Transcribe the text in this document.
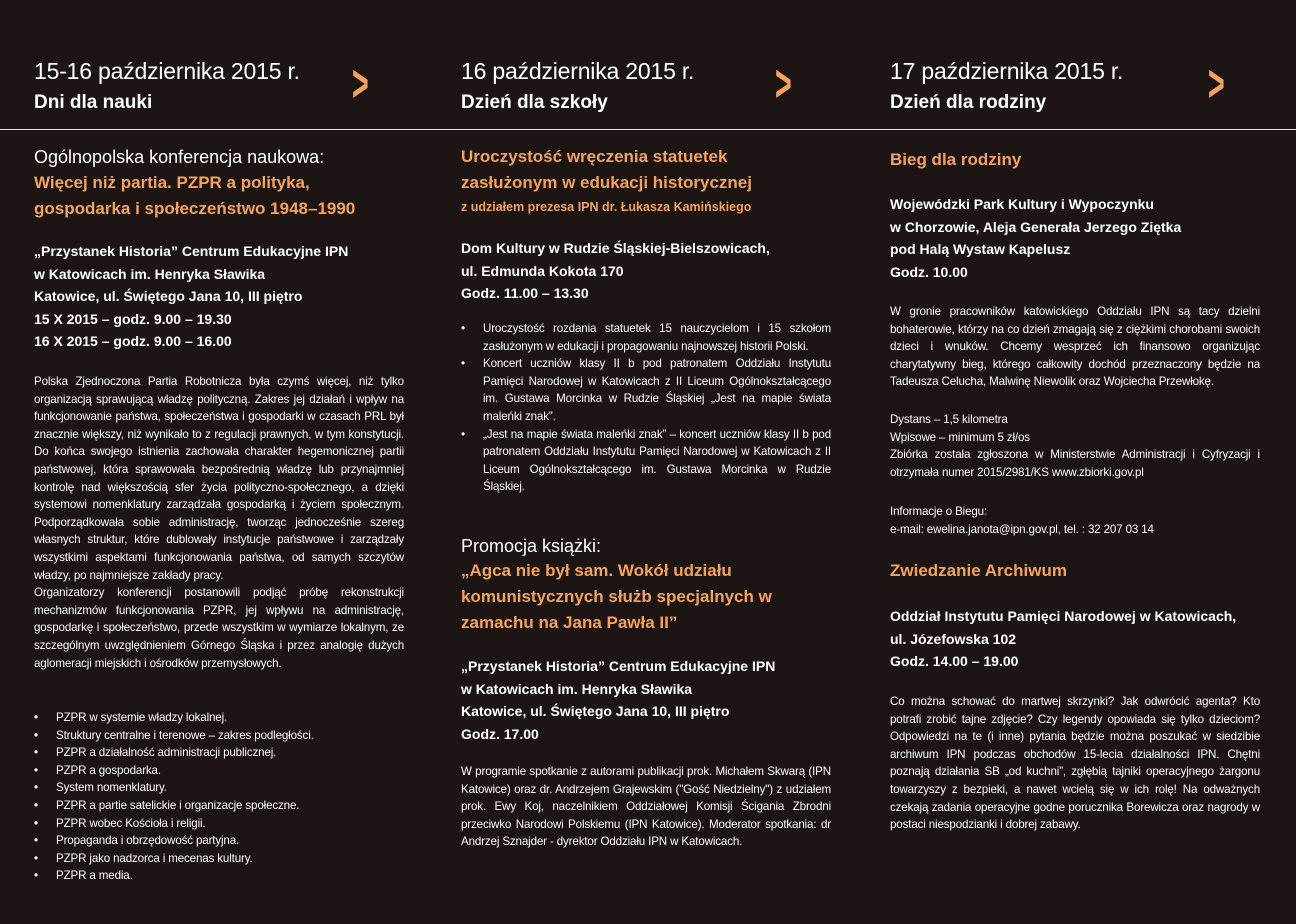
15-16 października 2015 r.
Dni dla nauki	>
Ogólnopolska konferencja naukowa:
Więcej niż partia. PZPR a polityka, gospodarka i społeczeństwo 1948–1990
„Przystanek Historia” Centrum Edukacyjne IPN
w Katowicach im. Henryka Sławika
Katowice, ul. Świętego Jana 10, III piętro
15 X 2015 – godz. 9.00 – 19.30
16 X 2015 – godz. 9.00 – 16.00
Polska Zjednoczona Partia Robotnicza była czymś więcej, niż tylko organizacją sprawującą władzę polityczną. Zakres jej działań i wpływ na funkcjonowanie państwa, społeczeństwa i gospodarki w czasach PRL był znacznie większy, niż wynikało to z regulacji prawnych, w tym konstytucji. Do końca swojego istnienia zachowała charakter hegemonicznej partii państwowej, która sprawowała bezpośrednią władzę lub przynajmniej kontrolę nad większością sfer życia polityczno-społecznego, a dzięki systemowi nomenklatury zarządzała gospodarką i życiem społecznym. Podporządkowała sobie administrację, tworząc jednocześnie szereg własnych struktur, które dublowały instytucje państwowe i zarządzały wszystkimi aspektami funkcjonowania państwa, od samych szczytów władzy, po najmniejsze zakłady pracy.
Organizatorzy konferencji postanowili podjąć próbę rekonstrukcji mechanizmów funkcjonowania PZPR, jej wpływu na administrację, gospodarkę i społeczeństwo, przede wszystkim w wymiarze lokalnym, ze szczególnym uwzględnieniem Górnego Śląska i przez analogię dużych aglomeracji miejskich i ośrodków przemysłowych.
• PZPR w systemie władzy lokalnej.
• Struktury centralne i terenowe – zakres podległości.
• PZPR a działalność administracji publicznej.
• PZPR a gospodarka.
• System nomenklatury.
• PZPR a partie satelickie i organizacje społeczne.
• PZPR wobec Kościoła i religii.
• Propaganda i obrzędowość partyjna.
• PZPR jako nadzorca i mecenas kultury.
• PZPR a media.
16 października 2015 r.
Dzień dla szkoły	>
Uroczystość wręczenia statuetek zasłużonym w edukacji historycznej
z udziałem prezesa IPN dr. Łukasza Kamińskiego
Dom Kultury w Rudzie Śląskiej-Bielszowicach,
ul. Edmunda Kokota 170
Godz. 11.00 – 13.30
• Uroczystość rozdania statuetek 15 nauczycielom i 15 szkołom zasłużonym w edukacji i propagowaniu najnowszej historii Polski.
• Koncert uczniów klasy II b pod patronatem Oddziału Instytutu Pamięci Narodowej w Katowicach z II Liceum Ogólnokształcącego im. Gustawa Morcinka w Rudzie Śląskiej „Jest na mapie świata maleńki znak”.
• „Jest na mapie świata maleńki znak” – koncert uczniów klasy II b pod patronatem Oddziału Instytutu Pamięci Narodowej w Katowicach z II Liceum Ogólnokształcącego im. Gustawa Morcinka w Rudzie Śląskiej.
Promocja książki:
„Agca nie był sam. Wokół udziału komunistycznych służb specjalnych w zamachu na Jana Pawła II”
„Przystanek Historia” Centrum Edukacyjne IPN
w Katowicach im. Henryka Sławika
Katowice, ul. Świętego Jana 10, III piętro
Godz. 17.00
W programie spotkanie z autorami publikacji prok. Michałem Skwarą (IPN Katowice) oraz dr. Andrzejem Grajewskim ("Gość Niedzielny") z udziałem prok. Ewy Koj, naczelnikiem Oddziałowej Komisji Ścigania Zbrodni przeciwko Narodowi Polskiemu (IPN Katowice). Moderator spotkania: dr Andrzej Sznajder - dyrektor Oddziału IPN w Katowicach.
17 października 2015 r.
Dzień dla rodziny	>
Bieg dla rodziny
Wojewódzki Park Kultury i Wypoczynku
w Chorzowie, Aleja Generała Jerzego Ziętka
pod Halą Wystaw Kapelusz
Godz. 10.00
W gronie pracowników katowickiego Oddziału IPN są tacy dzielni bohaterowie, którzy na co dzień zmagają się z ciężkimi chorobami swoich dzieci i wnuków. Chcemy wesprzeć ich finansowo organizując charytatywny bieg, którego całkowity dochód przeznaczony będzie na Tadeusza Celucha, Malwinę Niewolik oraz Wojciecha Przewłokę.
Dystans – 1,5 kilometra
Wpisowe – minimum 5 zł/os
Zbiórka została zgłoszona w Ministerstwie Administracji i Cyfryzacji i otrzymała numer 2015/2981/KS www.zbiorki.gov.pl
Informacje o Biegu:
e-mail: ewelina.janota@ipn.gov.pl, tel. : 32 207 03 14
Zwiedzanie Archiwum
Oddział Instytutu Pamięci Narodowej w Katowicach,
ul. Józefowska 102
Godz. 14.00 – 19.00
Co można schować do martwej skrzynki? Jak odwrócić agenta? Kto potrafi zrobić tajne zdjęcie? Czy legendy opowiada się tylko dzieciom? Odpowiedzi na te (i inne) pytania będzie można poszukać w siedzibie archiwum IPN podczas obchodów 15-lecia działalności IPN. Chętni poznają działania SB „od kuchni”, zgłębią tajniki operacyjnego żargonu towarzyszy z bezpieki, a nawet wcielą się w ich rolę! Na odważnych czekają zadania operacyjne godne porucznika Borewicza oraz nagrody w postaci niespodzianki i dobrej zabawy.
